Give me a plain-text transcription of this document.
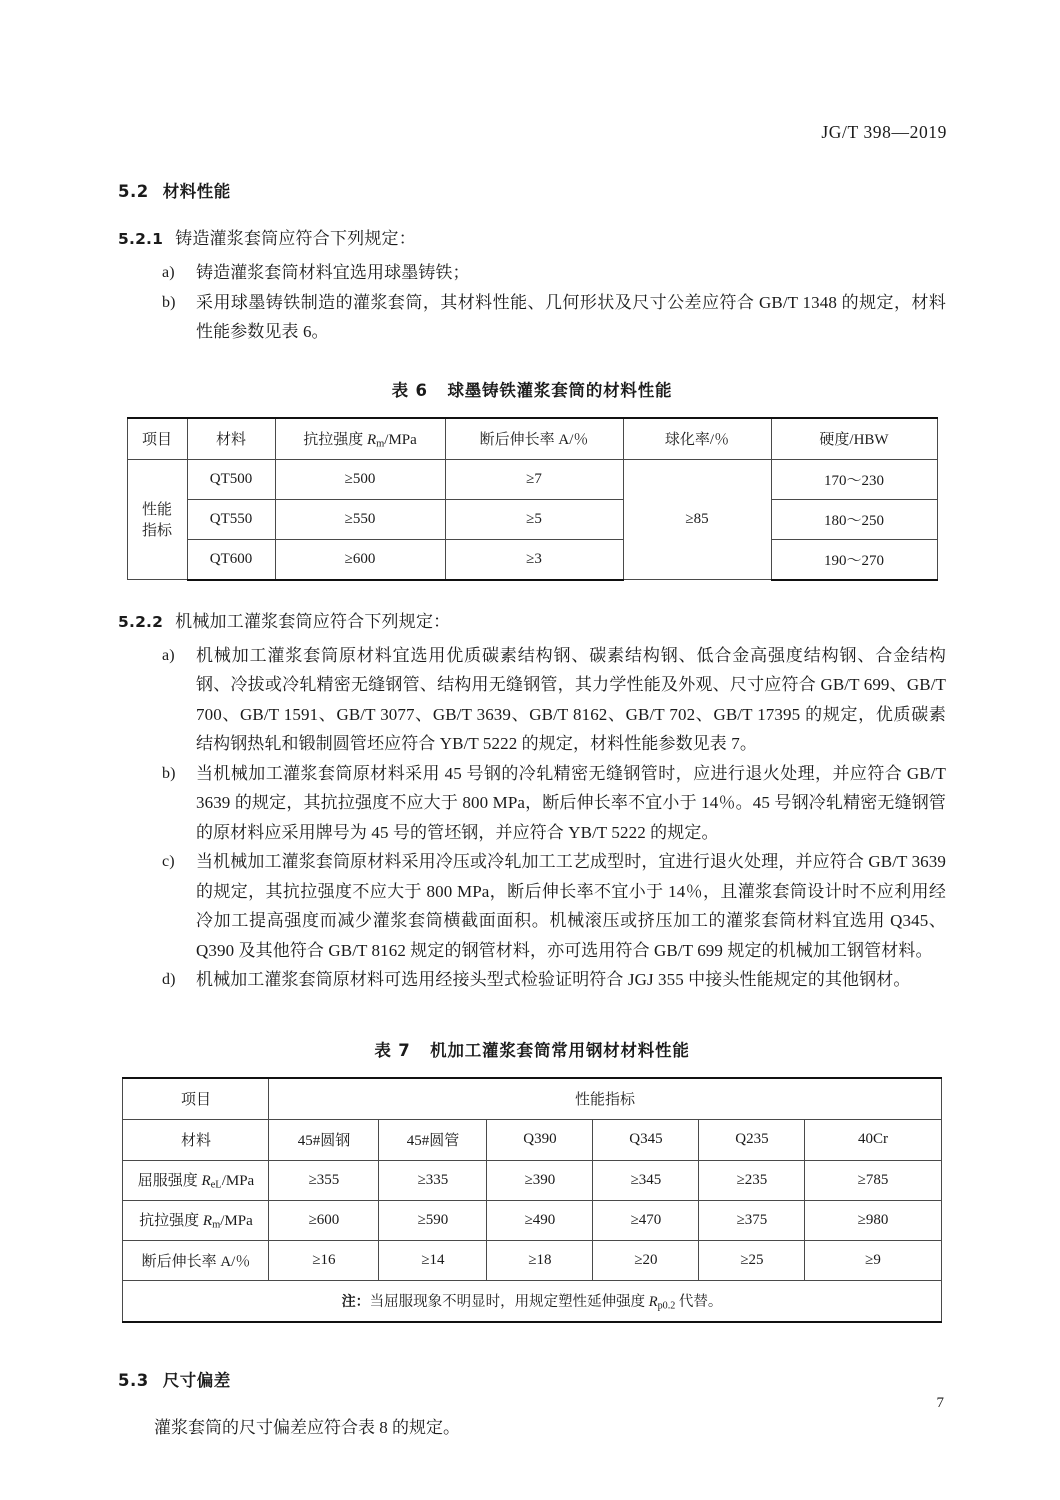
JG/T 398—2019
5.2 材料性能

5.2.1 铸造灌浆套筒应符合下列规定：

a)	铸造灌浆套筒材料宜选用球墨铸铁；
b)	采用球墨铸铁制造的灌浆套筒，其材料性能、几何形状及尺寸公差应符合 GB/T 1348 的规定，材料性能参数见表 6。
表 6 球墨铸铁灌浆套筒的材料性能
项目	材料	抗拉强度 $R_m$/MPa	断后伸长率 A/％	球化率/％	硬度/HBW

性能
指标	QT500	≥500	≥7	≥85	170～230
	QT550	≥550	≥5		180～250
	QT600	≥600	≥3		190～270

5.2.2 机械加工灌浆套筒应符合下列规定：

a)	机械加工灌浆套筒原材料宜选用优质碳素结构钢、碳素结构钢、低合金高强度结构钢、合金结构钢、冷拔或冷轧精密无缝钢管、结构用无缝钢管，其力学性能及外观、尺寸应符合 GB/T 699、GB/T 700、GB/T 1591、GB/T 3077、GB/T 3639、GB/T 8162、GB/T 702、GB/T 17395 的规定，优质碳素结构钢热轧和锻制圆管坯应符合 YB/T 5222 的规定，材料性能参数见表 7。
b)	当机械加工灌浆套筒原材料采用 45 号钢的冷轧精密无缝钢管时，应进行退火处理，并应符合 GB/T 3639 的规定，其抗拉强度不应大于 800 MPa，断后伸长率不宜小于 14％。45 号钢冷轧精密无缝钢管的原材料应采用牌号为 45 号的管坯钢，并应符合 YB/T 5222 的规定。
c)	当机械加工灌浆套筒原材料采用冷压或冷轧加工工艺成型时，宜进行退火处理，并应符合 GB/T 3639 的规定，其抗拉强度不应大于 800 MPa，断后伸长率不宜小于 14％，且灌浆套筒设计时不应利用经冷加工提高强度而减少灌浆套筒横截面面积。机械滚压或挤压加工的灌浆套筒材料宜选用 Q345、Q390 及其他符合 GB/T 8162 规定的钢管材料，亦可选用符合 GB/T 699 规定的机械加工钢管材料。
d)	机械加工灌浆套筒原材料可选用经接头型式检验证明符合 JGJ 355 中接头性能规定的其他钢材。
表 7 机加工灌浆套筒常用钢材材料性能
项目	性能指标					
材料	45#圆钢	45#圆管	Q390	Q345	Q235	40Cr
屈服强度 $R_{eL}$/MPa	≥355	≥335	≥390	≥345	≥235	≥785
抗拉强度 $R_m$/MPa	≥600	≥590	≥490	≥470	≥375	≥980
断后伸长率 A/％	≥16	≥14	≥18	≥20	≥25	≥9
注：当屈服现象不明显时，用规定塑性延伸强度 $R_{p0.2}$ 代替。						
5.3 尺寸偏差

灌浆套筒的尺寸偏差应符合表 8 的规定。

7
